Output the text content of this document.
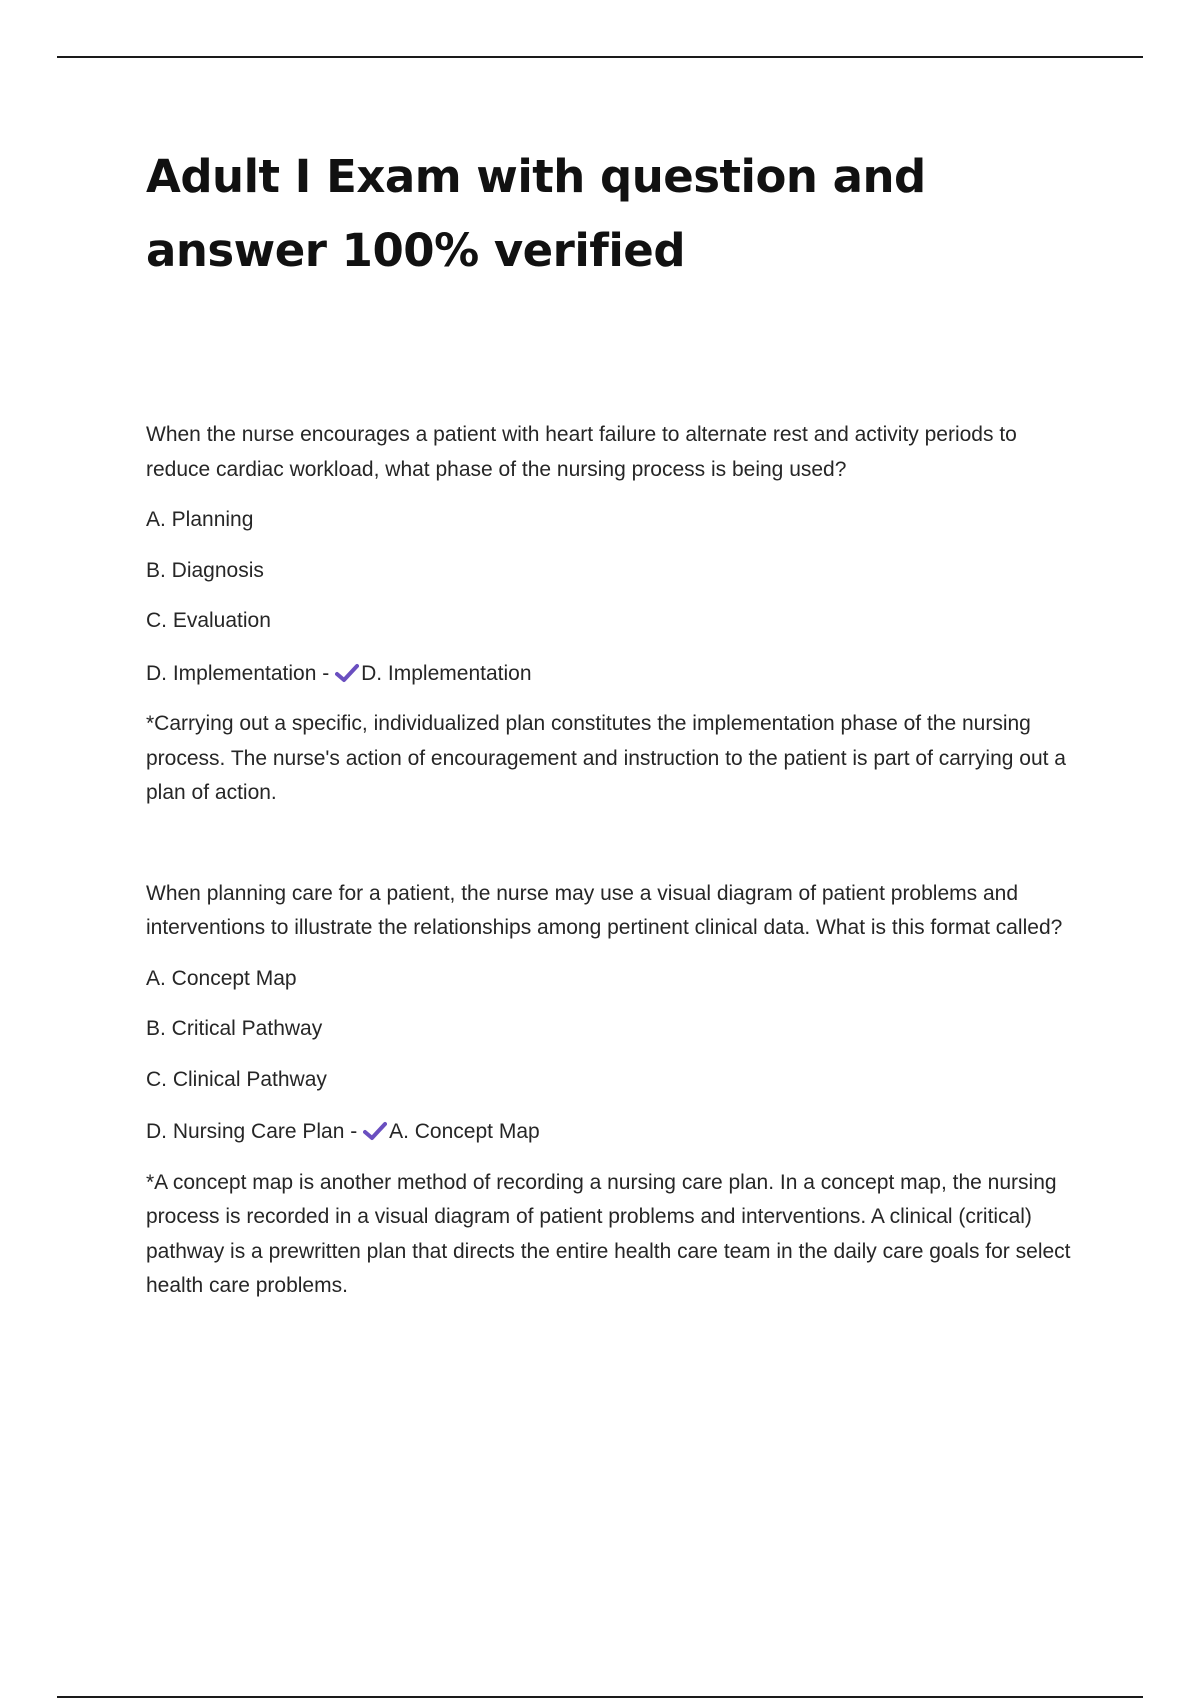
Adult I Exam with question and answer 100% verified

When the nurse encourages a patient with heart failure to alternate rest and activity periods to reduce cardiac workload, what phase of the nursing process is being used?

A. Planning

B. Diagnosis

C. Evaluation

D. Implementation - D. Implementation

*Carrying out a specific, individualized plan constitutes the implementation phase of the nursing process. The nurse's action of encouragement and instruction to the patient is part of carrying out a plan of action.

When planning care for a patient, the nurse may use a visual diagram of patient problems and interventions to illustrate the relationships among pertinent clinical data. What is this format called?

A. Concept Map

B. Critical Pathway

C. Clinical Pathway

D. Nursing Care Plan - A. Concept Map

*A concept map is another method of recording a nursing care plan. In a concept map, the nursing process is recorded in a visual diagram of patient problems and interventions. A clinical (critical) pathway is a prewritten plan that directs the entire health care team in the daily care goals for select health care problems.
